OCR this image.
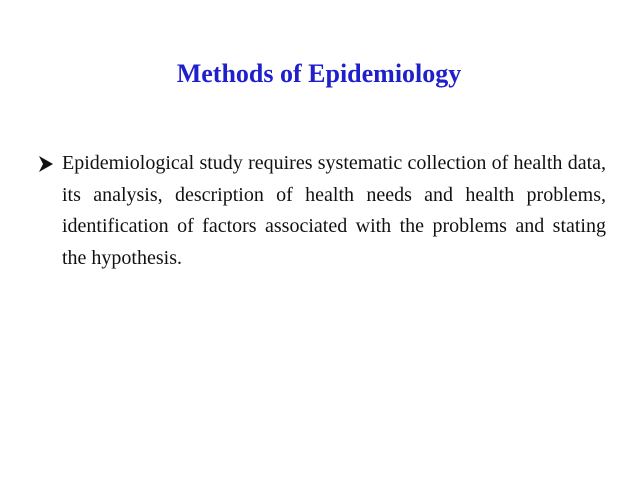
Methods of Epidemiology
Epidemiological study requires systematic collection of health data, its analysis, description of health needs and health problems, identification of factors associated with the problems and stating the hypothesis.
